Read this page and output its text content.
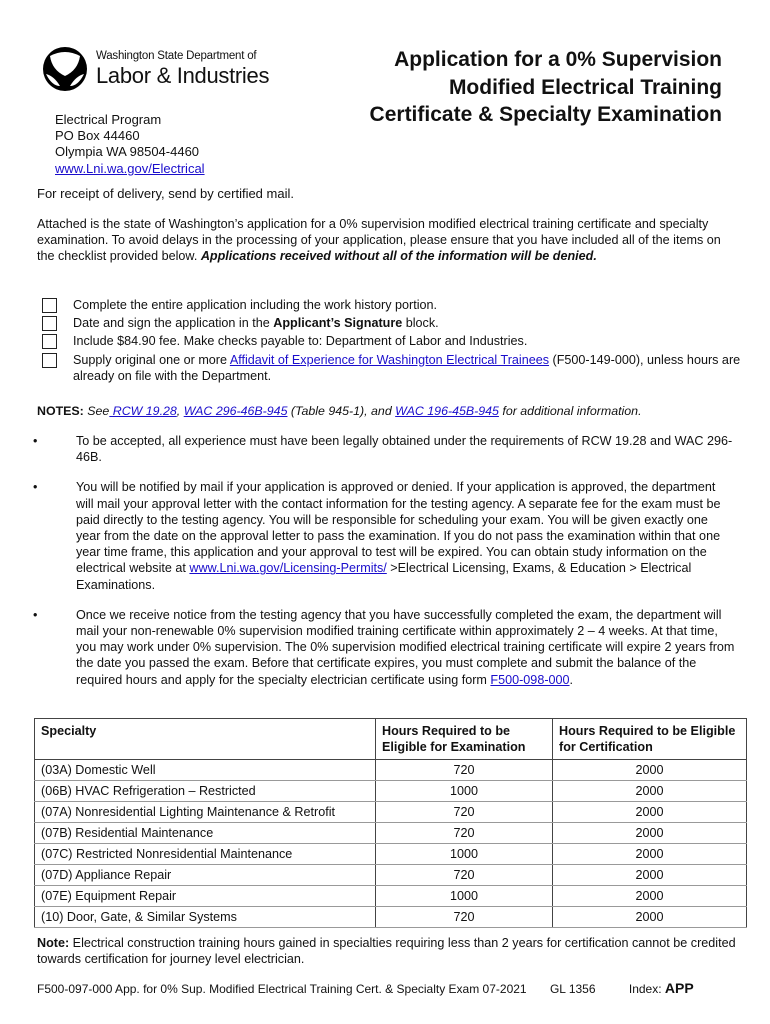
Washington State Department of
Labor & Industries
Application for a 0% Supervision
Modified Electrical Training
Certificate & Specialty Examination
Electrical Program
PO Box 44460
Olympia WA 98504-4460
www.Lni.wa.gov/Electrical
For receipt of delivery, send by certified mail.
Attached is the state of Washington’s application for a 0% supervision modified electrical training certificate and specialty examination. To avoid delays in the processing of your application, please ensure that you have included all of the items on the checklist provided below. Applications received without all of the information will be denied.
Complete the entire application including the work history portion.
Date and sign the application in the Applicant’s Signature block.
Include $84.90 fee. Make checks payable to: Department of Labor and Industries.
Supply original one or more Affidavit of Experience for Washington Electrical Trainees (F500-149-000), unless hours are already on file with the Department.
NOTES: See RCW 19.28, WAC 296-46B-945 (Table 945-1), and WAC 196-45B-945 for additional information.
•	To be accepted, all experience must have been legally obtained under the requirements of RCW 19.28 and WAC 296-46B.
•	You will be notified by mail if your application is approved or denied. If your application is approved, the department will mail your approval letter with the contact information for the testing agency. A separate fee for the exam must be paid directly to the testing agency. You will be responsible for scheduling your exam. You will be given exactly one year from the date on the approval letter to pass the examination. If you do not pass the examination within that one year time frame, this application and your approval to test will be expired. You can obtain study information on the electrical website at www.Lni.wa.gov/Licensing-Permits/ >Electrical Licensing, Exams, & Education > Electrical Examinations.
•	Once we receive notice from the testing agency that you have successfully completed the exam, the department will mail your non-renewable 0% supervision modified training certificate within approximately 2 – 4 weeks. At that time, you may work under 0% supervision. The 0% supervision modified electrical training certificate will expire 2 years from the date you passed the exam. Before that certificate expires, you must complete and submit the balance of the required hours and apply for the specialty electrician certificate using form F500-098-000.
Specialty	Hours Required to be Eligible for Examination	Hours Required to be Eligible for Certification
(03A) Domestic Well	720	2000
(06B) HVAC Refrigeration – Restricted	1000	2000
(07A) Nonresidential Lighting Maintenance & Retrofit	720	2000
(07B) Residential Maintenance	720	2000
(07C) Restricted Nonresidential Maintenance	1000	2000
(07D) Appliance Repair	720	2000
(07E) Equipment Repair	1000	2000
(10) Door, Gate, & Similar Systems	720	2000
Note: Electrical construction training hours gained in specialties requiring less than 2 years for certification cannot be credited towards certification for journey level electrician.
F500-097-000 App. for 0% Sup. Modified Electrical Training Cert. & Specialty Exam 07-2021 GL 1356	Index: APP
